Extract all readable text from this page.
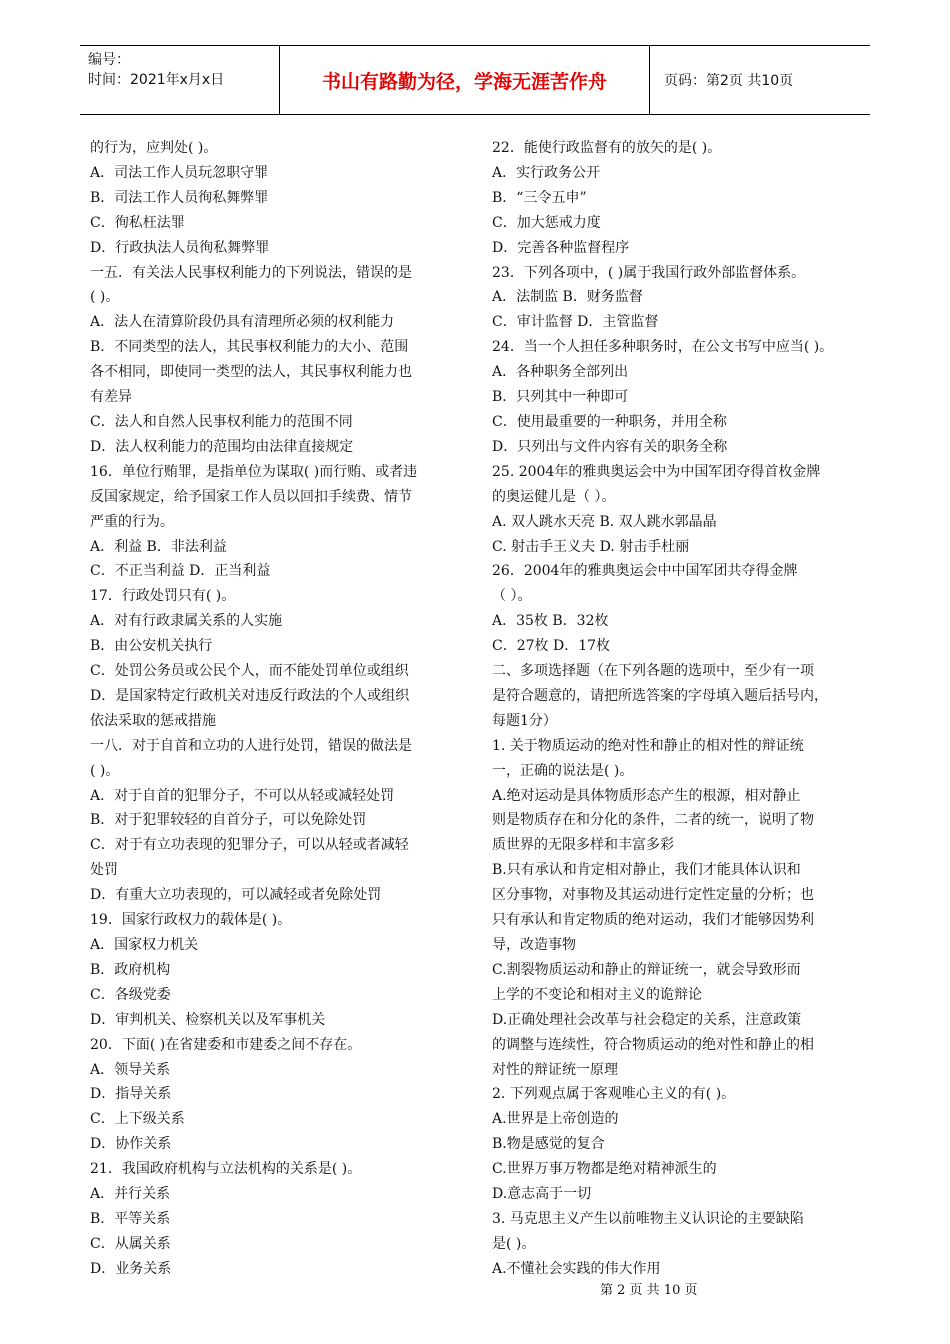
编号：
时间：2021年x月x日	书山有路勤为径，学海无涯苦作舟	页码：第2页 共10页
的行为，应判处( )。
A．司法工作人员玩忽职守罪
B．司法工作人员徇私舞弊罪
C．徇私枉法罪
D．行政执法人员徇私舞弊罪
一五．有关法人民事权利能力的下列说法，错误的是
( )。
A．法人在清算阶段仍具有清理所必须的权利能力
B．不同类型的法人，其民事权利能力的大小、范围
各不相同，即使同一类型的法人，其民事权利能力也
有差异
C．法人和自然人民事权利能力的范围不同
D．法人权利能力的范围均由法律直接规定
16．单位行贿罪，是指单位为谋取( )而行贿、或者违
反国家规定，给予国家工作人员以回扣手续费、情节
严重的行为。
A．利益 B．非法利益
C．不正当利益 D．正当利益
17．行政处罚只有( )。
A．对有行政隶属关系的人实施
B．由公安机关执行
C．处罚公务员或公民个人，而不能处罚单位或组织
D．是国家特定行政机关对违反行政法的个人或组织
依法采取的惩戒措施
一八．对于自首和立功的人进行处罚，错误的做法是
( )。
A．对于自首的犯罪分子，不可以从轻或减轻处罚
B．对于犯罪较轻的自首分子，可以免除处罚
C．对于有立功表现的犯罪分子，可以从轻或者减轻
处罚
D．有重大立功表现的，可以减轻或者免除处罚
19．国家行政权力的载体是( )。
A．国家权力机关
B．政府机构
C．各级党委
D．审判机关、检察机关以及军事机关
20．下面( )在省建委和市建委之间不存在。
A．领导关系
D．指导关系
C．上下级关系
D．协作关系
21．我国政府机构与立法机构的关系是( )。
A．并行关系
B．平等关系
C．从属关系
D．业务关系
22．能使行政监督有的放矢的是( )。
A．实行政务公开
B．“三令五申”
C．加大惩戒力度
D．完善各种监督程序
23．下列各项中，( )属于我国行政外部监督体系。
A．法制监 B．财务监督
C．审计监督 D．主管监督
24．当一个人担任多种职务时，在公文书写中应当( )。
A．各种职务全部列出
B．只列其中一种即可
C．使用最重要的一种职务，并用全称
D．只列出与文件内容有关的职务全称
25. 2004年的雅典奥运会中为中国军团夺得首枚金牌
的奥运健儿是（ ）。
A. 双人跳水天亮 B. 双人跳水郭晶晶
C. 射击手王义夫 D. 射击手杜丽
26．2004年的雅典奥运会中中国军团共夺得金牌
（ ）。
A．35枚 B．32枚
C．27枚 D．17枚
二、多项选择题（在下列各题的选项中，至少有一项
是符合题意的，请把所选答案的字母填入题后括号内，
每题1分）
1. 关于物质运动的绝对性和静止的相对性的辩证统
一，正确的说法是( )。
A.绝对运动是具体物质形态产生的根源，相对静止
则是物质存在和分化的条件，二者的统一，说明了物
质世界的无限多样和丰富多彩
B.只有承认和肯定相对静止，我们才能具体认识和
区分事物，对事物及其运动进行定性定量的分析；也
只有承认和肯定物质的绝对运动，我们才能够因势利
导，改造事物
C.割裂物质运动和静止的辩证统一，就会导致形而
上学的不变论和相对主义的诡辩论
D.正确处理社会改革与社会稳定的关系，注意政策
的调整与连续性，符合物质运动的绝对性和静止的相
对性的辩证统一原理
2. 下列观点属于客观唯心主义的有( )。
A.世界是上帝创造的
B.物是感觉的复合
C.世界万事万物都是绝对精神派生的
D.意志高于一切
3. 马克思主义产生以前唯物主义认识论的主要缺陷
是( )。
A.不懂社会实践的伟大作用
第 2 页 共 10 页
